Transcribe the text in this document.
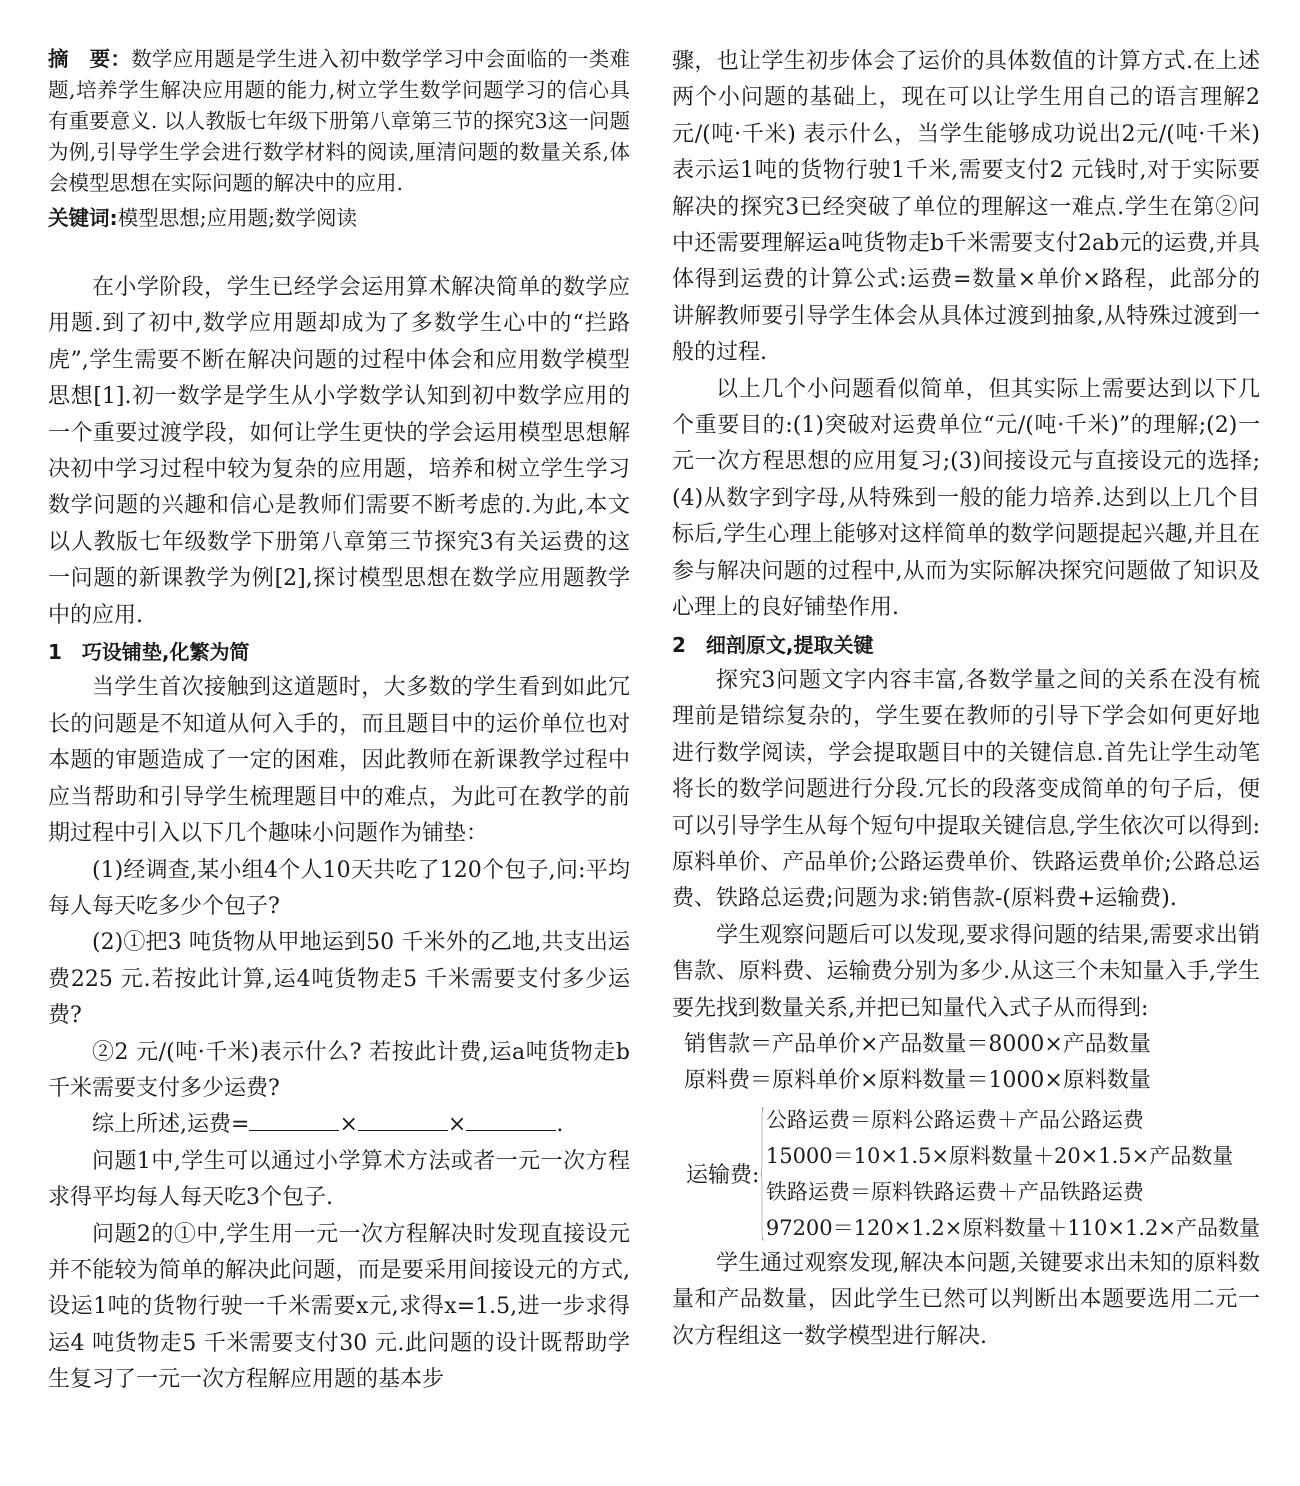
摘　要：数学应用题是学生进入初中数学学习中会面临的一类难题,培养学生解决应用题的能力,树立学生数学问题学习的信心具有重要意义. 以人教版七年级下册第八章第三节的探究3这一问题为例,引导学生学会进行数学材料的阅读,厘清问题的数量关系,体会模型思想在实际问题的解决中的应用.

关键词:模型思想;应用题;数学阅读

在小学阶段，学生已经学会运用算术解决简单的数学应用题.到了初中,数学应用题却成为了多数学生心中的“拦路虎”,学生需要不断在解决问题的过程中体会和应用数学模型思想[1].初一数学是学生从小学数学认知到初中数学应用的一个重要过渡学段，如何让学生更快的学会运用模型思想解决初中学习过程中较为复杂的应用题，培养和树立学生学习数学问题的兴趣和信心是教师们需要不断考虑的.为此,本文以人教版七年级数学下册第八章第三节探究3有关运费的这一问题的新课教学为例[2],探讨模型思想在数学应用题教学中的应用.

1　巧设铺垫,化繁为简

当学生首次接触到这道题时，大多数的学生看到如此冗长的问题是不知道从何入手的，而且题目中的运价单位也对本题的审题造成了一定的困难，因此教师在新课教学过程中应当帮助和引导学生梳理题目中的难点，为此可在教学的前期过程中引入以下几个趣味小问题作为铺垫：

(1)经调查,某小组4个人10天共吃了120个包子,问:平均每人每天吃多少个包子?

(2)①把3 吨货物从甲地运到50 千米外的乙地,共支出运费225 元.若按此计算,运4吨货物走5 千米需要支付多少运费?

②2 元/(吨·千米)表示什么? 若按此计费,运a吨货物走b千米需要支付多少运费?

综上所述,运费=	×	×	.

问题1中,学生可以通过小学算术方法或者一元一次方程求得平均每人每天吃3个包子.

问题2的①中,学生用一元一次方程解决时发现直接设元并不能较为简单的解决此问题，而是要采用间接设元的方式,设运1吨的货物行驶一千米需要x元,求得x=1.5,进一步求得运4 吨货物走5 千米需要支付30 元.此问题的设计既帮助学生复习了一元一次方程解应用题的基本步

骤，也让学生初步体会了运价的具体数值的计算方式.在上述两个小问题的基础上，现在可以让学生用自己的语言理解2元/(吨·千米) 表示什么，当学生能够成功说出2元/(吨·千米)表示运1吨的货物行驶1千米,需要支付2 元钱时,对于实际要解决的探究3已经突破了单位的理解这一难点.学生在第②问中还需要理解运a吨货物走b千米需要支付2ab元的运费,并具体得到运费的计算公式:运费=数量×单价×路程，此部分的讲解教师要引导学生体会从具体过渡到抽象,从特殊过渡到一般的过程.

以上几个小问题看似简单，但其实际上需要达到以下几个重要目的:(1)突破对运费单位“元/(吨·千米)”的理解;(2)一元一次方程思想的应用复习;(3)间接设元与直接设元的选择;(4)从数字到字母,从特殊到一般的能力培养.达到以上几个目标后,学生心理上能够对这样简单的数学问题提起兴趣,并且在参与解决问题的过程中,从而为实际解决探究问题做了知识及心理上的良好铺垫作用.

2　细剖原文,提取关键

探究3问题文字内容丰富,各数学量之间的关系在没有梳理前是错综复杂的，学生要在教师的引导下学会如何更好地进行数学阅读，学会提取题目中的关键信息.首先让学生动笔将长的数学问题进行分段.冗长的段落变成简单的句子后，便可以引导学生从每个短句中提取关键信息,学生依次可以得到:原料单价、产品单价;公路运费单价、铁路运费单价;公路总运费、铁路总运费;问题为求:销售款-(原料费+运输费).

学生观察问题后可以发现,要求得问题的结果,需要求出销售款、原料费、运输费分别为多少.从这三个未知量入手,学生要先找到数量关系,并把已知量代入式子从而得到:

销售款＝产品单价×产品数量＝8000×产品数量
原料费＝原料单价×原料数量＝1000×原料数量
运输费:
公路运费＝原料公路运费＋产品公路运费
15000＝10×1.5×原料数量＋20×1.5×产品数量
铁路运费＝原料铁路运费＋产品铁路运费
97200＝120×1.2×原料数量＋110×1.2×产品数量

学生通过观察发现,解决本问题,关键要求出未知的原料数量和产品数量，因此学生已然可以判断出本题要选用二元一次方程组这一数学模型进行解决.
